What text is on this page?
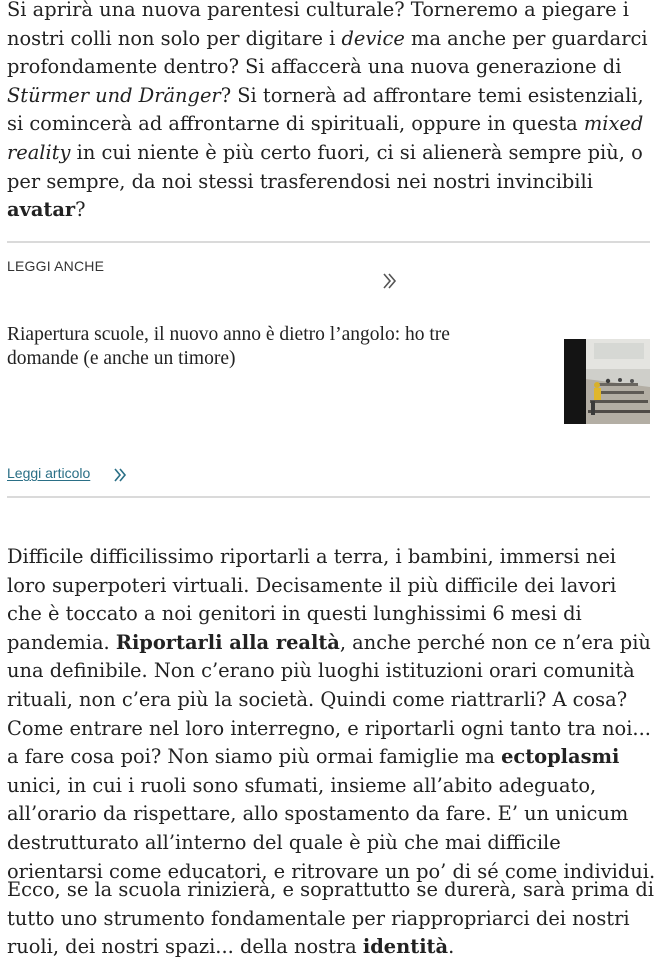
Si aprirà una nuova parentesi culturale? Torneremo a piegare i nostri colli non solo per digitare i device ma anche per guardarci profondamente dentro? Si affaccerà una nuova generazione di Stürmer und Dränger? Si tornerà ad affrontare temi esistenziali, si comincerà ad affrontarne di spirituali, oppure in questa mixed reality in cui niente è più certo fuori, ci si alienerà sempre più, o per sempre, da noi stessi trasferendosi nei nostri invincibili avatar?

LEGGI ANCHE
Riapertura scuole, il nuovo anno è dietro l’angolo: ho tre domande (e anche un timore)
Leggi articolo

Difficile difficilissimo riportarli a terra, i bambini, immersi nei loro superpoteri virtuali. Decisamente il più difficile dei lavori che è toccato a noi genitori in questi lunghissimi 6 mesi di pandemia. Riportarli alla realtà, anche perché non ce n’era più una definibile. Non c’erano più luoghi istituzioni orari comunità rituali, non c’era più la società. Quindi come riattrarli? A cosa? Come entrare nel loro interregno, e riportarli ogni tanto tra noi... a fare cosa poi? Non siamo più ormai famiglie ma ectoplasmi unici, in cui i ruoli sono sfumati, insieme all’abito adeguato, all’orario da rispettare, allo spostamento da fare. E’ un unicum destrutturato all’interno del quale è più che mai difficile orientarsi come educatori, e ritrovare un po’ di sé come individui.

Ecco, se la scuola rinizierà, e soprattutto se durerà, sarà prima di tutto uno strumento fondamentale per riappropriarci dei nostri ruoli, dei nostri spazi... della nostra identità.
